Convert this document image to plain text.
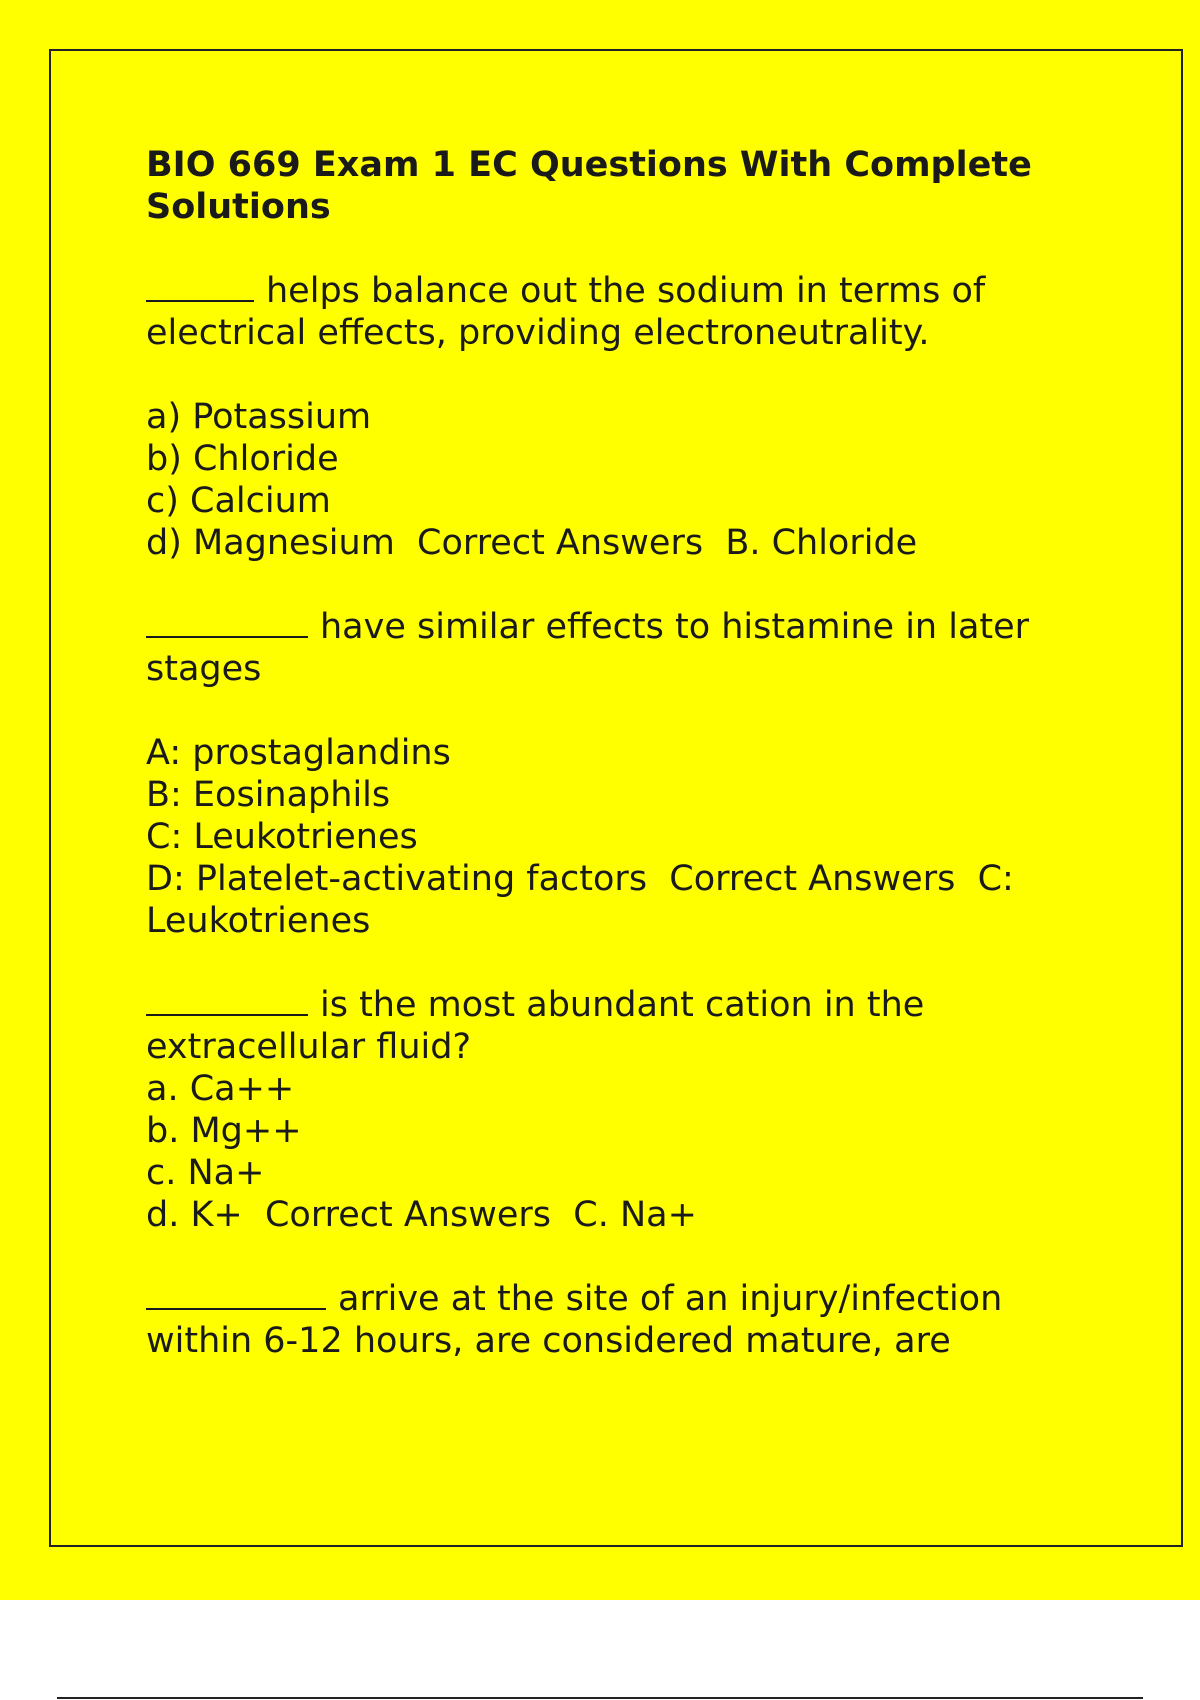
BIO 669 Exam 1 EC Questions With Complete
Solutions
helps balance out the sodium in terms of
electrical effects, providing electroneutrality.
a) Potassium
b) Chloride
c) Calcium
d) Magnesium  Correct Answers  B. Chloride
have similar effects to histamine in later
stages
A: prostaglandins
B: Eosinaphils
C: Leukotrienes
D: Platelet-activating factors  Correct Answers  C:
Leukotrienes
is the most abundant cation in the
extracellular fluid?
a. Ca++
b. Mg++
c. Na+
d. K+  Correct Answers  C. Na+
arrive at the site of an injury/infection
within 6-12 hours, are considered mature, are
